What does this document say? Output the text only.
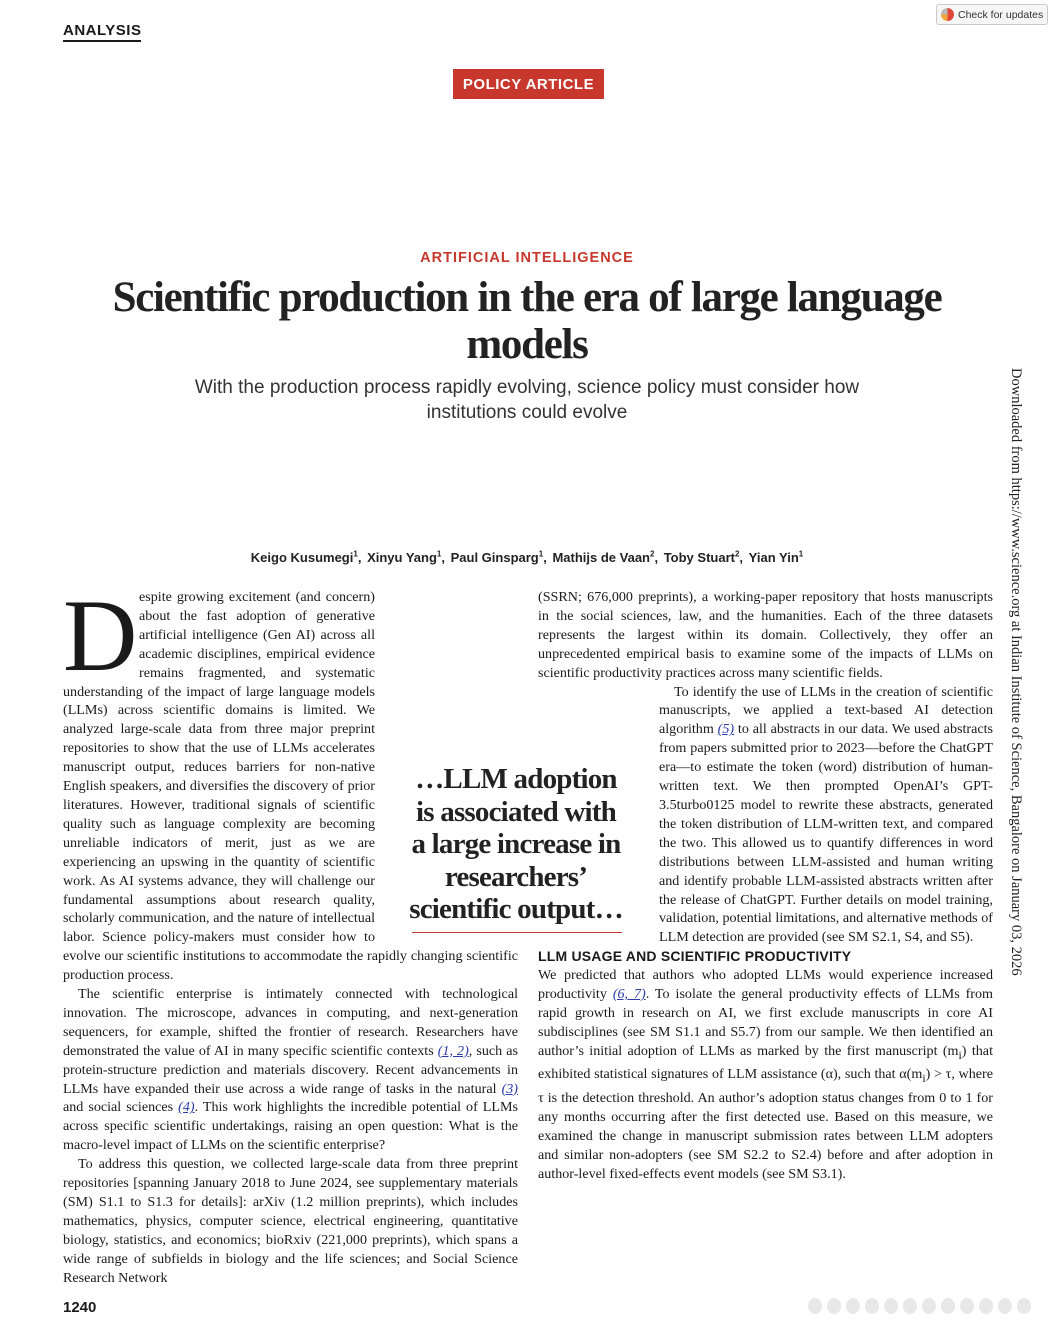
ANALYSIS
Check for updates
POLICY ARTICLE
ARTIFICIAL INTELLIGENCE
Scientific production in the era of large language models
With the production process rapidly evolving, science policy must consider how institutions could evolve	Downloaded from https://www.science.org at Indian Institute of Science, Bangalore on January 03, 2026
Keigo Kusumegi$^1$, Xinyu Yang$^1$, Paul Ginsparg$^1$, Mathijs de Vaan$^2$, Toby Stuart$^2$, Yian Yin$^1$

D espite growing excitement (and concern) about the fast adoption of generative artificial intelligence (Gen AI) across all academic disciplines, empirical evidence remains fragmented, and systematic understanding of the impact of large language models (LLMs) across scientific domains is limited. We analyzed large-scale data from three major preprint repositories to show that the use of LLMs accelerates manuscript output, reduces barriers for non-native English speakers, and diversifies the discovery of prior literatures. However, traditional signals of scientific quality such as language complexity are becoming unreliable indicators of merit, just as we are experiencing an upswing in the quantity of scientific work. As AI systems advance, they will challenge our fundamental assumptions about research quality, scholarly communication, and the nature of intellectual labor. Science policy-makers must consider how to evolve our scientific institutions to accommodate the rapidly changing scientific production process.

The scientific enterprise is intimately connected with technological innovation. The microscope, advances in computing, and next-generation sequencers, for example, shifted the frontier of research. Researchers have demonstrated the value of AI in many specific scientific contexts (1, 2), such as protein-structure prediction and materials discovery. Recent advancements in LLMs have expanded their use across a wide range of tasks in the natural (3) and social sciences (4). This work highlights the incredible potential of LLMs across specific scientific undertakings, raising an open question: What is the macro-level impact of LLMs on the scientific enterprise?

To address this question, we collected large-scale data from three preprint repositories [spanning January 2018 to June 2024, see supplementary materials (SM) S1.1 to S1.3 for details]: arXiv (1.2 million preprints), which includes mathematics, physics, computer science, electrical engineering, quantitative biology, statistics, and economics; bioRxiv (221,000 preprints), which spans a wide range of subfields in biology and the life sciences; and Social Science Research Network

(SSRN; 676,000 preprints), a working-paper repository that hosts manuscripts in the social sciences, law, and the humanities. Each of the three datasets represents the largest within its domain. Collectively, they offer an unprecedented empirical basis to examine some of the impacts of LLMs on scientific productivity practices across many scientific fields.

To identify the use of LLMs in the creation of scientific manuscripts, we applied a text-based AI detection algorithm (5) to all abstracts in our data. We used abstracts from papers submitted prior to 2023—before the ChatGPT era—to estimate the token (word) distribution of human-written text. We then prompted OpenAI’s GPT-3.5turbo0125 model to rewrite these abstracts, generated the token distribution of LLM-written text, and compared the two. This allowed us to quantify differences in word distributions between LLM-assisted and human writing and identify probable LLM-assisted abstracts written after the release of ChatGPT. Further details on model training, validation, potential limitations, and alternative methods of LLM detection are provided (see SM S2.1, S4, and S5).

LLM USAGE AND SCIENTIFIC PRODUCTIVITY

We predicted that authors who adopted LLMs would experience increased productivity (6, 7). To isolate the general productivity effects of LLMs from rapid growth in research on AI, we first exclude manuscripts in core AI subdisciplines (see SM S1.1 and S5.7) from our sample. We then identified an author’s initial adoption of LLMs as marked by the first manuscript $(m_i)$ that exhibited statistical signatures of LLM assistance (α), such that $\alpha(m_i) > \tau$, where τ is the detection threshold. An author’s adoption status changes from 0 to 1 for any months occurring after the first detected use. Based on this measure, we examined the change in manuscript submission rates between LLM adopters and similar non-adopters (see SM S2.2 to S2.4) before and after adoption in author-level fixed-effects event models (see SM S3.1).

…LLM adoption is associated with a large increase in researchers’ scientific output…
1240
